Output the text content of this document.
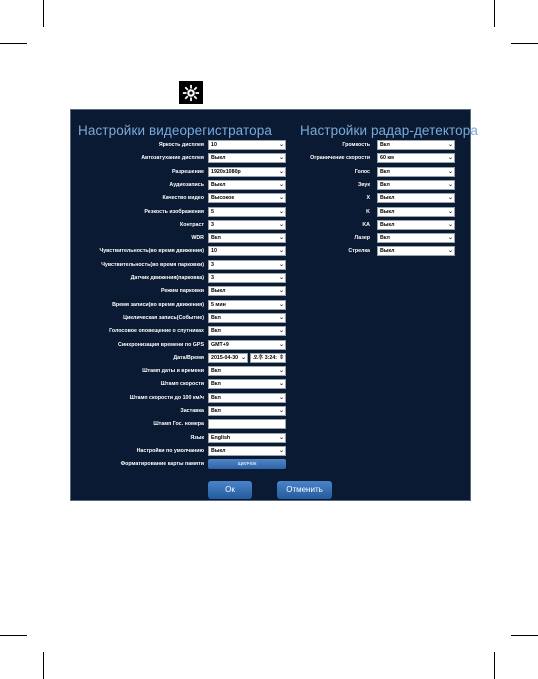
Настройки видеорегистратора Настройки радар-детектора
Яркость дисплея	10	⌄
Автозатухание дисплея	Выкл	⌄
Разрешение	1920x1080p	⌄
Аудиозапись	Выкл	⌄
Качество видео	Высокое	⌄
Резкость изображения	5	⌄
Контраст	3	⌄
WDR	Вкл	⌄
Чувствительность(во время движения)	10	⌄
Чувствительность(во время парковки)	3	⌄
Датчик движения(парковка)	3	⌄
Режим парковки	Выкл	⌄
Время записи(во время движения)	5 мин	⌄
Циклическая запись(Событие)	Вкл	⌄
Голосовое оповещение о спутниках	Вкл	⌄
Синхронизация времени по GPS	GMT+9	⌄
Дата/Время	2015-04-30 ⌄	오후 3:24: ⇕
Штамп даты и времени	Вкл	⌄
Штамп скорости	Вкл	⌄
Штамп скорости до 100 км/ч	Вкл	⌄
Заставка	Вкл	⌄
Штамп Гос. номера
Язык	English	⌄
Настройки по умолчанию	Выкл	⌄
Форматирование карты памяти	щелчок
Громкость	Вкл	⌄
Ограничение скорости	60 км	⌄
Голос	Вкл	⌄
Звук	Вкл	⌄
X	Выкл	⌄
K	Выкл	⌄
KA	Выкл	⌄
Лазер	Вкл	⌄
Стрелка	Выкл	⌄
Ок	Отменить
